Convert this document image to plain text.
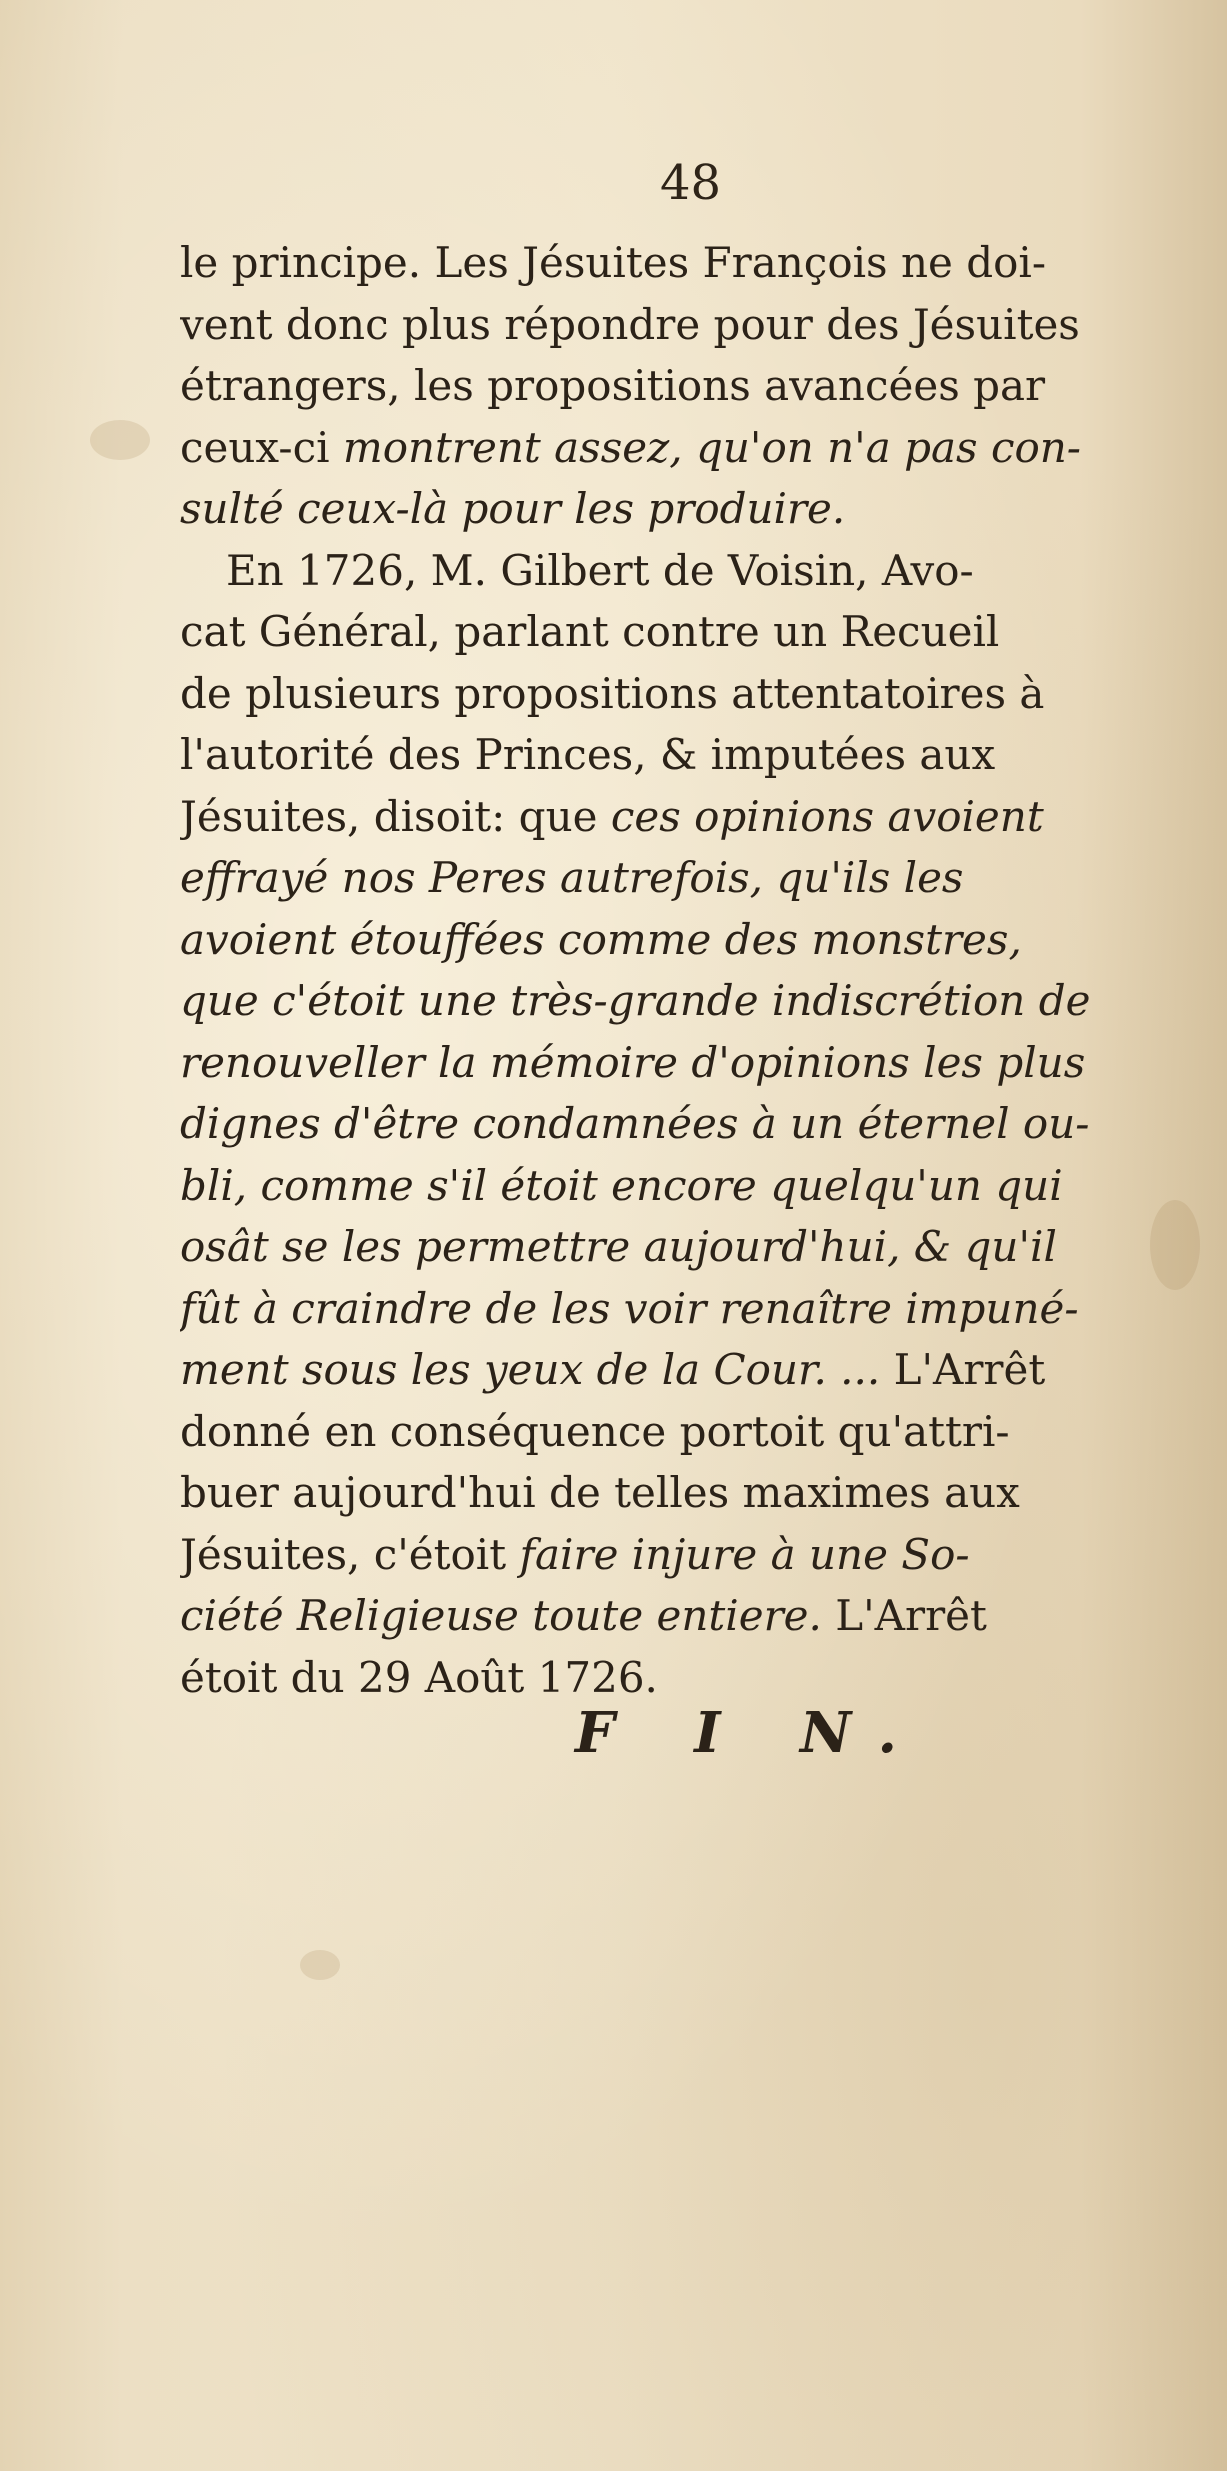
48
le principe. Les Jésuites François ne doi-
vent donc plus répondre pour des Jésuites
étrangers, les propositions avancées par
ceux-ci montrent assez, qu'on n'a pas con-
sulté ceux-là pour les produire.
En 1726, M. Gilbert de Voisin, Avo-
cat Général, parlant contre un Recueil
de plusieurs propositions attentatoires à
l'autorité des Princes, & imputées aux
Jésuites, disoit: que ces opinions avoient
effrayé nos Peres autrefois, qu'ils les
avoient étouffées comme des monstres,
que c'étoit une très-grande indiscrétion de
renouveller la mémoire d'opinions les plus
dignes d'être condamnées à un éternel ou-
bli, comme s'il étoit encore quelqu'un qui
osât se les permettre aujourd'hui, & qu'il
fût à craindre de les voir renaître impuné-
ment sous les yeux de la Cour. ... L'Arrêt
donné en conséquence portoit qu'attri-
buer aujourd'hui de telles maximes aux
Jésuites, c'étoit faire injure à une So-
ciété Religieuse toute entiere. L'Arrêt
étoit du 29 Août 1726.
F I N.
